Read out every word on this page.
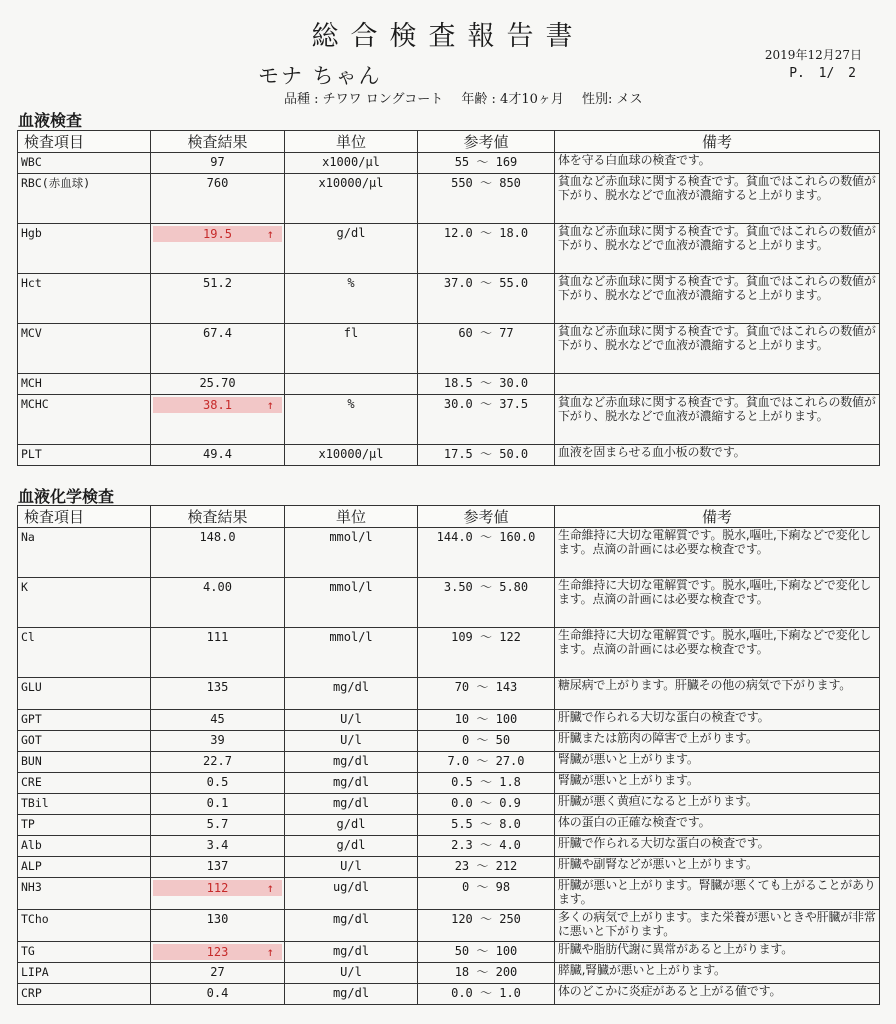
総合検査報告書
2019年12月27日
P. 1/ 2
モナ ちゃん
品種 : チワワ ロングコート 年齢 : 4才10ヶ月 性別: メス
血液検査
検査項目	検査結果	単位	参考値	備考
WBC	97	x1000/μl	55 〜 169	体を守る白血球の検査です。
RBC(赤血球)	760	x10000/μl	550 〜 850	貧血など赤血球に関する検査です。貧血ではこれらの数値が下がり、脱水などで血液が濃縮すると上がります。
Hgb	19.5 ↑	g/dl	12.0 〜 18.0	貧血など赤血球に関する検査です。貧血ではこれらの数値が下がり、脱水などで血液が濃縮すると上がります。
Hct	51.2	%	37.0 〜 55.0	貧血など赤血球に関する検査です。貧血ではこれらの数値が下がり、脱水などで血液が濃縮すると上がります。
MCV	67.4	fl	60 〜 77	貧血など赤血球に関する検査です。貧血ではこれらの数値が下がり、脱水などで血液が濃縮すると上がります。
MCH	25.70		18.5 〜 30.0	
MCHC	38.1 ↑	%	30.0 〜 37.5	貧血など赤血球に関する検査です。貧血ではこれらの数値が下がり、脱水などで血液が濃縮すると上がります。
PLT	49.4	x10000/μl	17.5 〜 50.0	血液を固まらせる血小板の数です。
血液化学検査
検査項目	検査結果	単位	参考値	備考
Na	148.0	mmol/l	144.0 〜 160.0	生命維持に大切な電解質です。脱水,嘔吐,下痢などで変化します。点滴の計画には必要な検査です。
K	4.00	mmol/l	3.50 〜 5.80	生命維持に大切な電解質です。脱水,嘔吐,下痢などで変化します。点滴の計画には必要な検査です。
Cl	111	mmol/l	109 〜 122	生命維持に大切な電解質です。脱水,嘔吐,下痢などで変化します。点滴の計画には必要な検査です。
GLU	135	mg/dl	70 〜 143	糖尿病で上がります。肝臓その他の病気で下がります。
GPT	45	U/l	10 〜 100	肝臓で作られる大切な蛋白の検査です。
GOT	39	U/l	0 〜 50	肝臓または筋肉の障害で上がります。
BUN	22.7	mg/dl	7.0 〜 27.0	腎臓が悪いと上がります。
CRE	0.5	mg/dl	0.5 〜 1.8	腎臓が悪いと上がります。
TBil	0.1	mg/dl	0.0 〜 0.9	肝臓が悪く黄疸になると上がります。
TP	5.7	g/dl	5.5 〜 8.0	体の蛋白の正確な検査です。
Alb	3.4	g/dl	2.3 〜 4.0	肝臓で作られる大切な蛋白の検査です。
ALP	137	U/l	23 〜 212	肝臓や副腎などが悪いと上がります。
NH3	112 ↑	ug/dl	0 〜 98	肝臓が悪いと上がります。腎臓が悪くても上がることがあります。
TCho	130	mg/dl	120 〜 250	多くの病気で上がります。また栄養が悪いときや肝臓が非常に悪いと下がります。
TG	123 ↑	mg/dl	50 〜 100	肝臓や脂肪代謝に異常があると上がります。
LIPA	27	U/l	18 〜 200	膵臓,腎臓が悪いと上がります。
CRP	0.4	mg/dl	0.0 〜 1.0	体のどこかに炎症があると上がる値です。
